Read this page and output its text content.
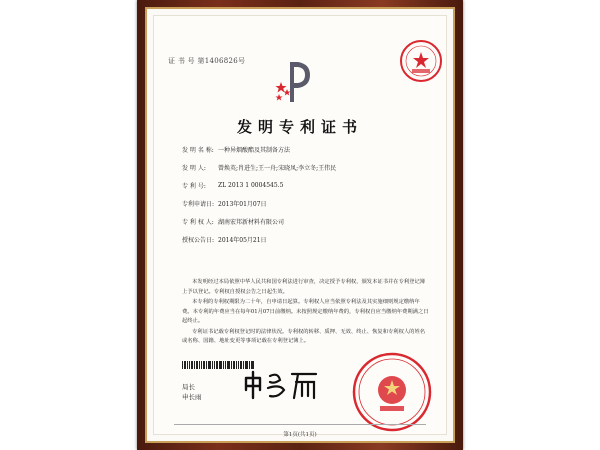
证 书 号 第1406826号
发明专利证书
发 明 名 称: 一种异烟酸酯及其制备方法
发 明 人:	曾焕英;肖进生;王一舟;宋晓凤;李立冬;王伟民
专 利 号:	ZL 2013 1 0004545.5
专利申请日: 2013年01月07日
专 利 权 人: 湖南宏邦新材料有限公司
授权公告日: 2014年05月21日

本发明经过本局依照中华人民共和国专利法进行审查，决定授予专利权，颁发本证书并在专利登记簿上予以登记。专利权自授权公告之日起生效。

本专利的专利权期限为二十年，自申请日起算。专利权人应当依照专利法及其实施细则规定缴纳年费。本专利的年费应当在每年01月07日前缴纳。未按照规定缴纳年费的，专利权自应当缴纳年费期满之日起终止。

专利证书记载专利权登记时的法律状况。专利权的转移、质押、无效、终止、恢复和专利权人的姓名或名称、国籍、地址变更等事项记载在专利登记簿上。

局长
申长雨
第1页(共1页)
